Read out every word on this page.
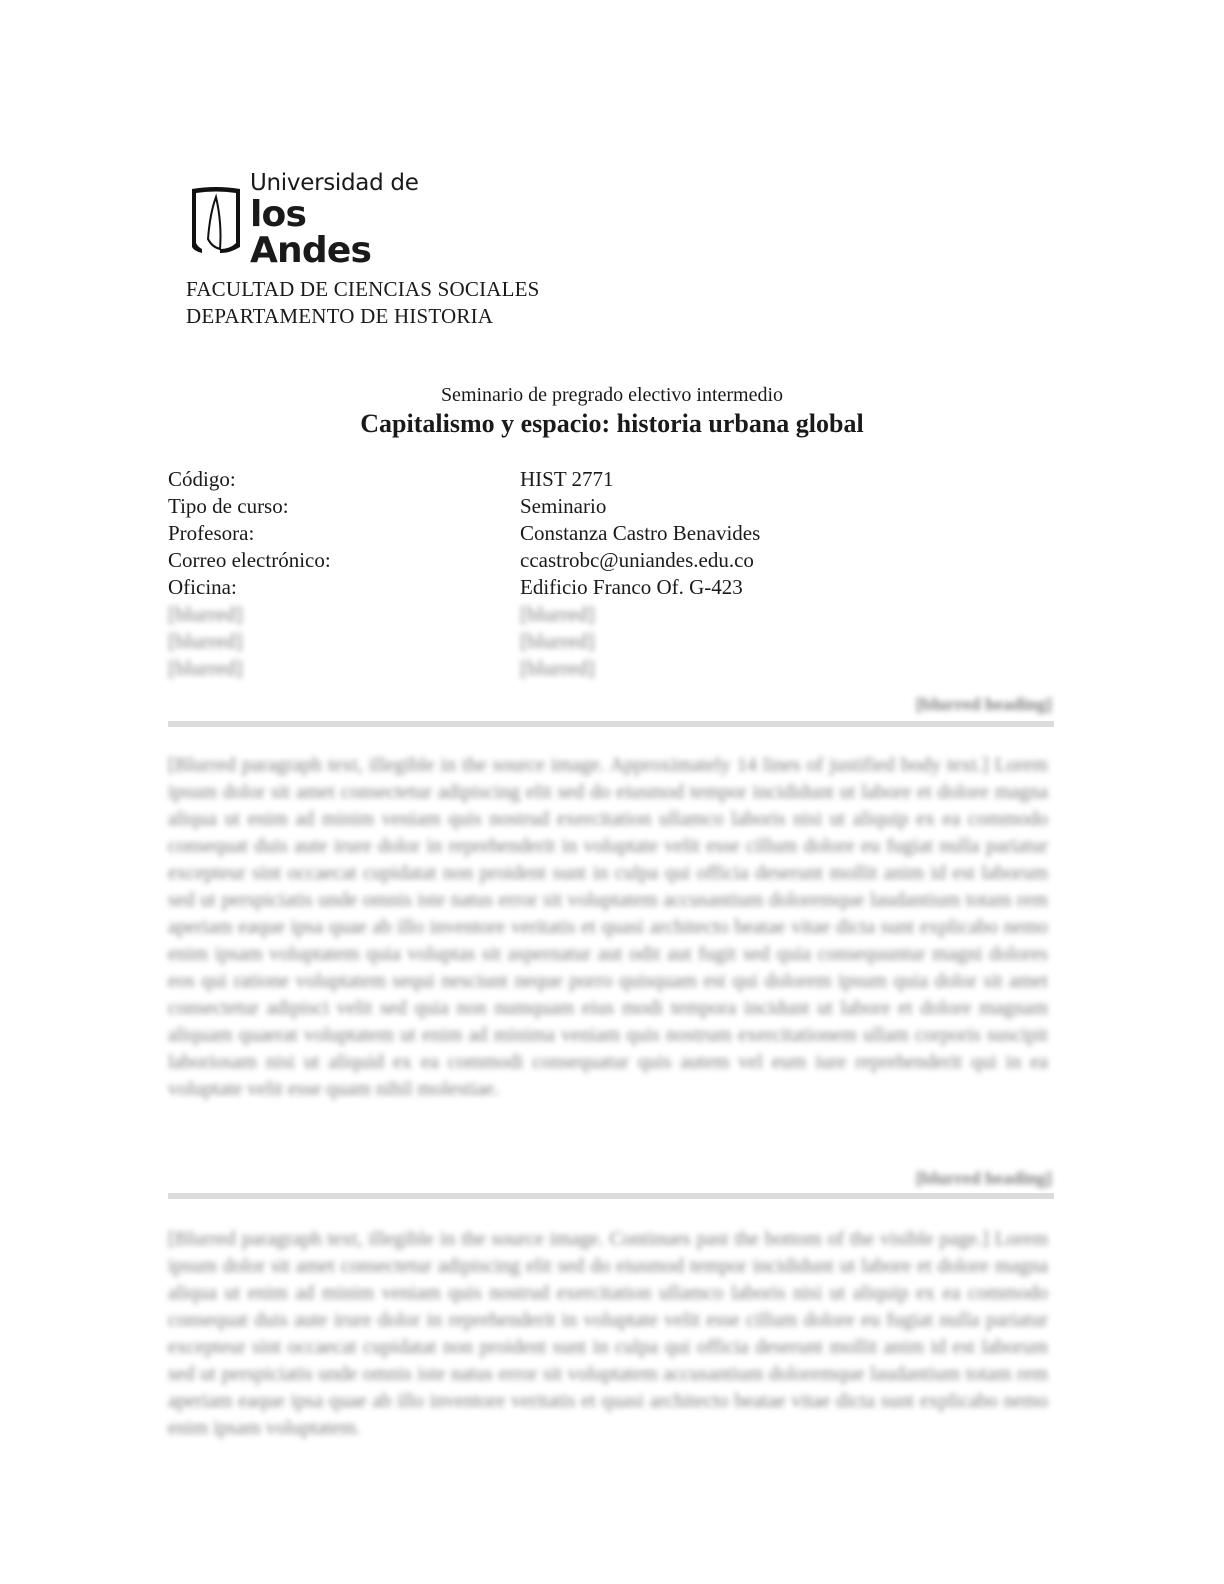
Universidad de
los Andes
FACULTAD DE CIENCIAS SOCIALES
DEPARTAMENTO DE HISTORIA
Seminario de pregrado electivo intermedio
Capitalismo y espacio: historia urbana global
Código:	HIST 2771
Tipo de curso:	Seminario
Profesora:	Constanza Castro Benavides
Correo electrónico:	ccastrobc@uniandes.edu.co
Oficina:	Edificio Franco Of. G-423
[blurred]	[blurred]
[blurred]	[blurred]
[blurred]	[blurred]
[blurred heading]
[Blurred paragraph text, illegible in the source image. Approximately 14 lines of justified body text.] Lorem ipsum dolor sit amet consectetur adipiscing elit sed do eiusmod tempor incididunt ut labore et dolore magna aliqua ut enim ad minim veniam quis nostrud exercitation ullamco laboris nisi ut aliquip ex ea commodo consequat duis aute irure dolor in reprehenderit in voluptate velit esse cillum dolore eu fugiat nulla pariatur excepteur sint occaecat cupidatat non proident sunt in culpa qui officia deserunt mollit anim id est laborum sed ut perspiciatis unde omnis iste natus error sit voluptatem accusantium doloremque laudantium totam rem aperiam eaque ipsa quae ab illo inventore veritatis et quasi architecto beatae vitae dicta sunt explicabo nemo enim ipsam voluptatem quia voluptas sit aspernatur aut odit aut fugit sed quia consequuntur magni dolores eos qui ratione voluptatem sequi nesciunt neque porro quisquam est qui dolorem ipsum quia dolor sit amet consectetur adipisci velit sed quia non numquam eius modi tempora incidunt ut labore et dolore magnam aliquam quaerat voluptatem ut enim ad minima veniam quis nostrum exercitationem ullam corporis suscipit laboriosam nisi ut aliquid ex ea commodi consequatur quis autem vel eum iure reprehenderit qui in ea voluptate velit esse quam nihil molestiae.
[blurred heading]
[Blurred paragraph text, illegible in the source image. Continues past the bottom of the visible page.] Lorem ipsum dolor sit amet consectetur adipiscing elit sed do eiusmod tempor incididunt ut labore et dolore magna aliqua ut enim ad minim veniam quis nostrud exercitation ullamco laboris nisi ut aliquip ex ea commodo consequat duis aute irure dolor in reprehenderit in voluptate velit esse cillum dolore eu fugiat nulla pariatur excepteur sint occaecat cupidatat non proident sunt in culpa qui officia deserunt mollit anim id est laborum sed ut perspiciatis unde omnis iste natus error sit voluptatem accusantium doloremque laudantium totam rem aperiam eaque ipsa quae ab illo inventore veritatis et quasi architecto beatae vitae dicta sunt explicabo nemo enim ipsam voluptatem.
